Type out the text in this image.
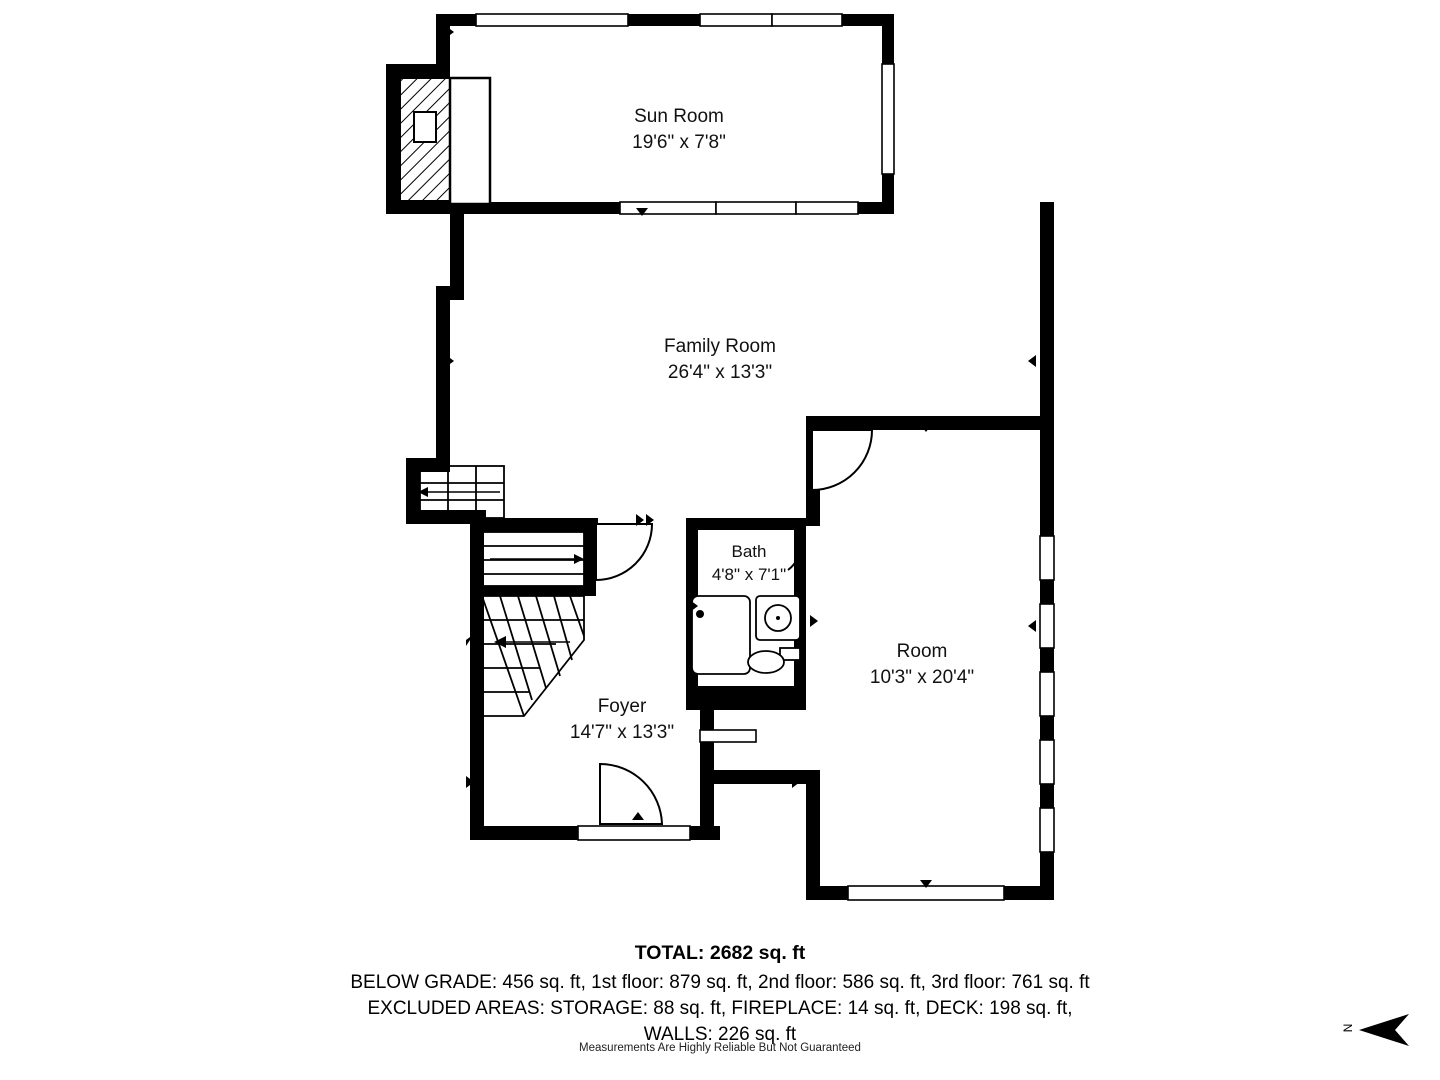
Sun Room
19'6" x 7'8"
Family Room
26'4" x 13'3"
Bath
4'8" x 7'1"
Room
10'3" x 20'4"
Foyer
14'7" x 13'3"
TOTAL: 2682 sq. ft
BELOW GRADE: 456 sq. ft, 1st floor: 879 sq. ft, 2nd floor: 586 sq. ft, 3rd floor: 761 sq. ft
EXCLUDED AREAS: STORAGE: 88 sq. ft, FIREPLACE: 14 sq. ft, DECK: 198 sq. ft,
WALLS: 226 sq. ft
Measurements Are Highly Reliable But Not Guaranteed
N
